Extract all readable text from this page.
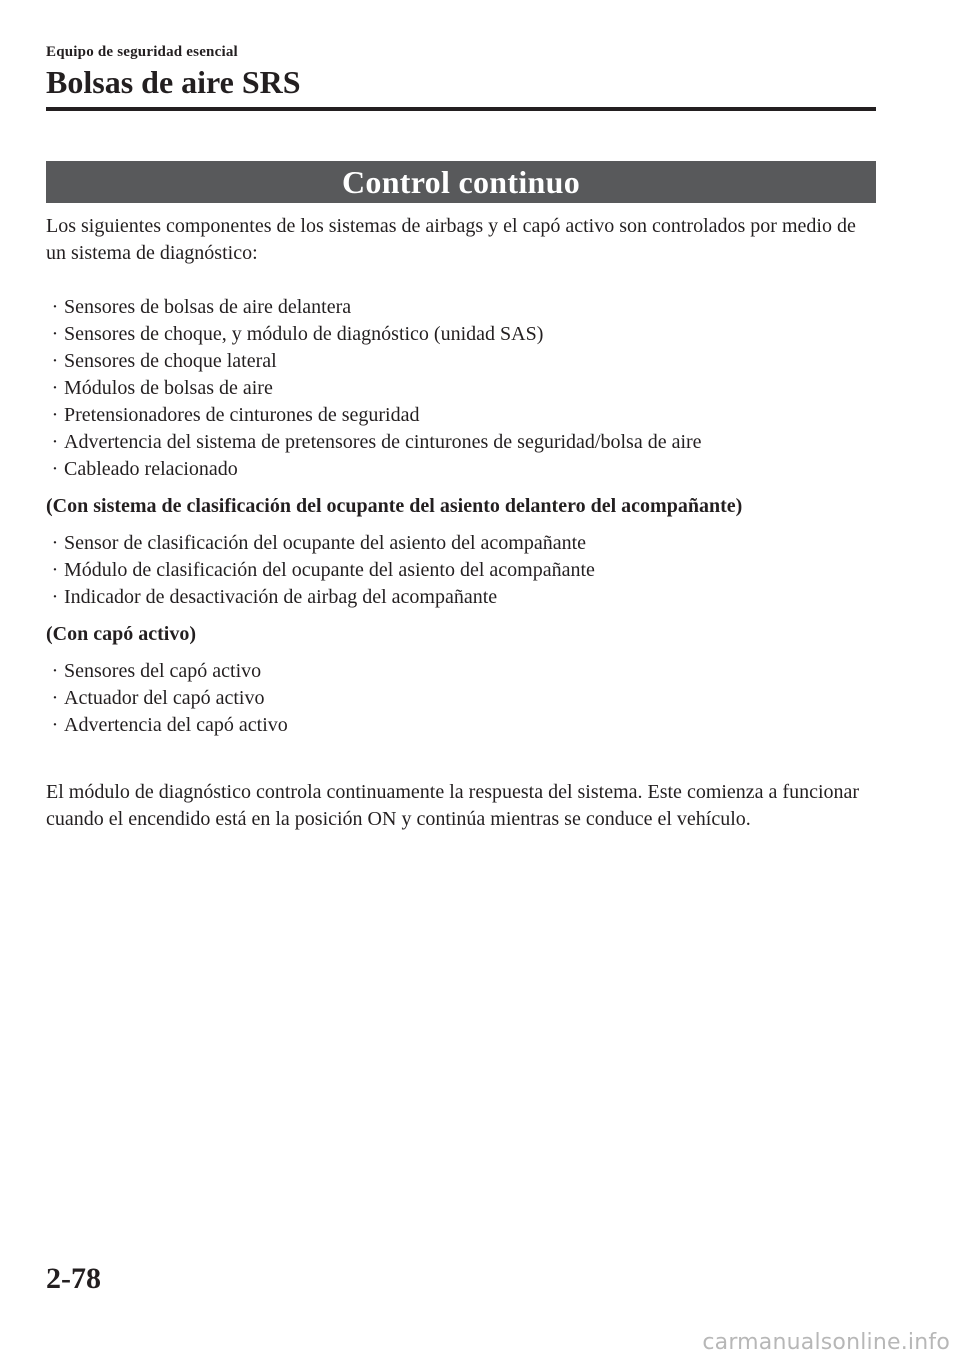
Equipo de seguridad esencial
Bolsas de aire SRS
Control continuo

Los siguientes componentes de los sistemas de airbags y el capó activo son controlados por medio de un sistema de diagnóstico:

· Sensores de bolsas de aire delantera
· Sensores de choque, y módulo de diagnóstico (unidad SAS)
· Sensores de choque lateral
· Módulos de bolsas de aire
· Pretensionadores de cinturones de seguridad
· Advertencia del sistema de pretensores de cinturones de seguridad/bolsa de aire
· Cableado relacionado

(Con sistema de clasificación del ocupante del asiento delantero del acompañante)

· Sensor de clasificación del ocupante del asiento del acompañante
· Módulo de clasificación del ocupante del asiento del acompañante
· Indicador de desactivación de airbag del acompañante

(Con capó activo)

· Sensores del capó activo
· Actuador del capó activo
· Advertencia del capó activo

El módulo de diagnóstico controla continuamente la respuesta del sistema. Este comienza a funcionar cuando el encendido está en la posición ON y continúa mientras se conduce el vehículo.

2-78
carmanualsonline.info
